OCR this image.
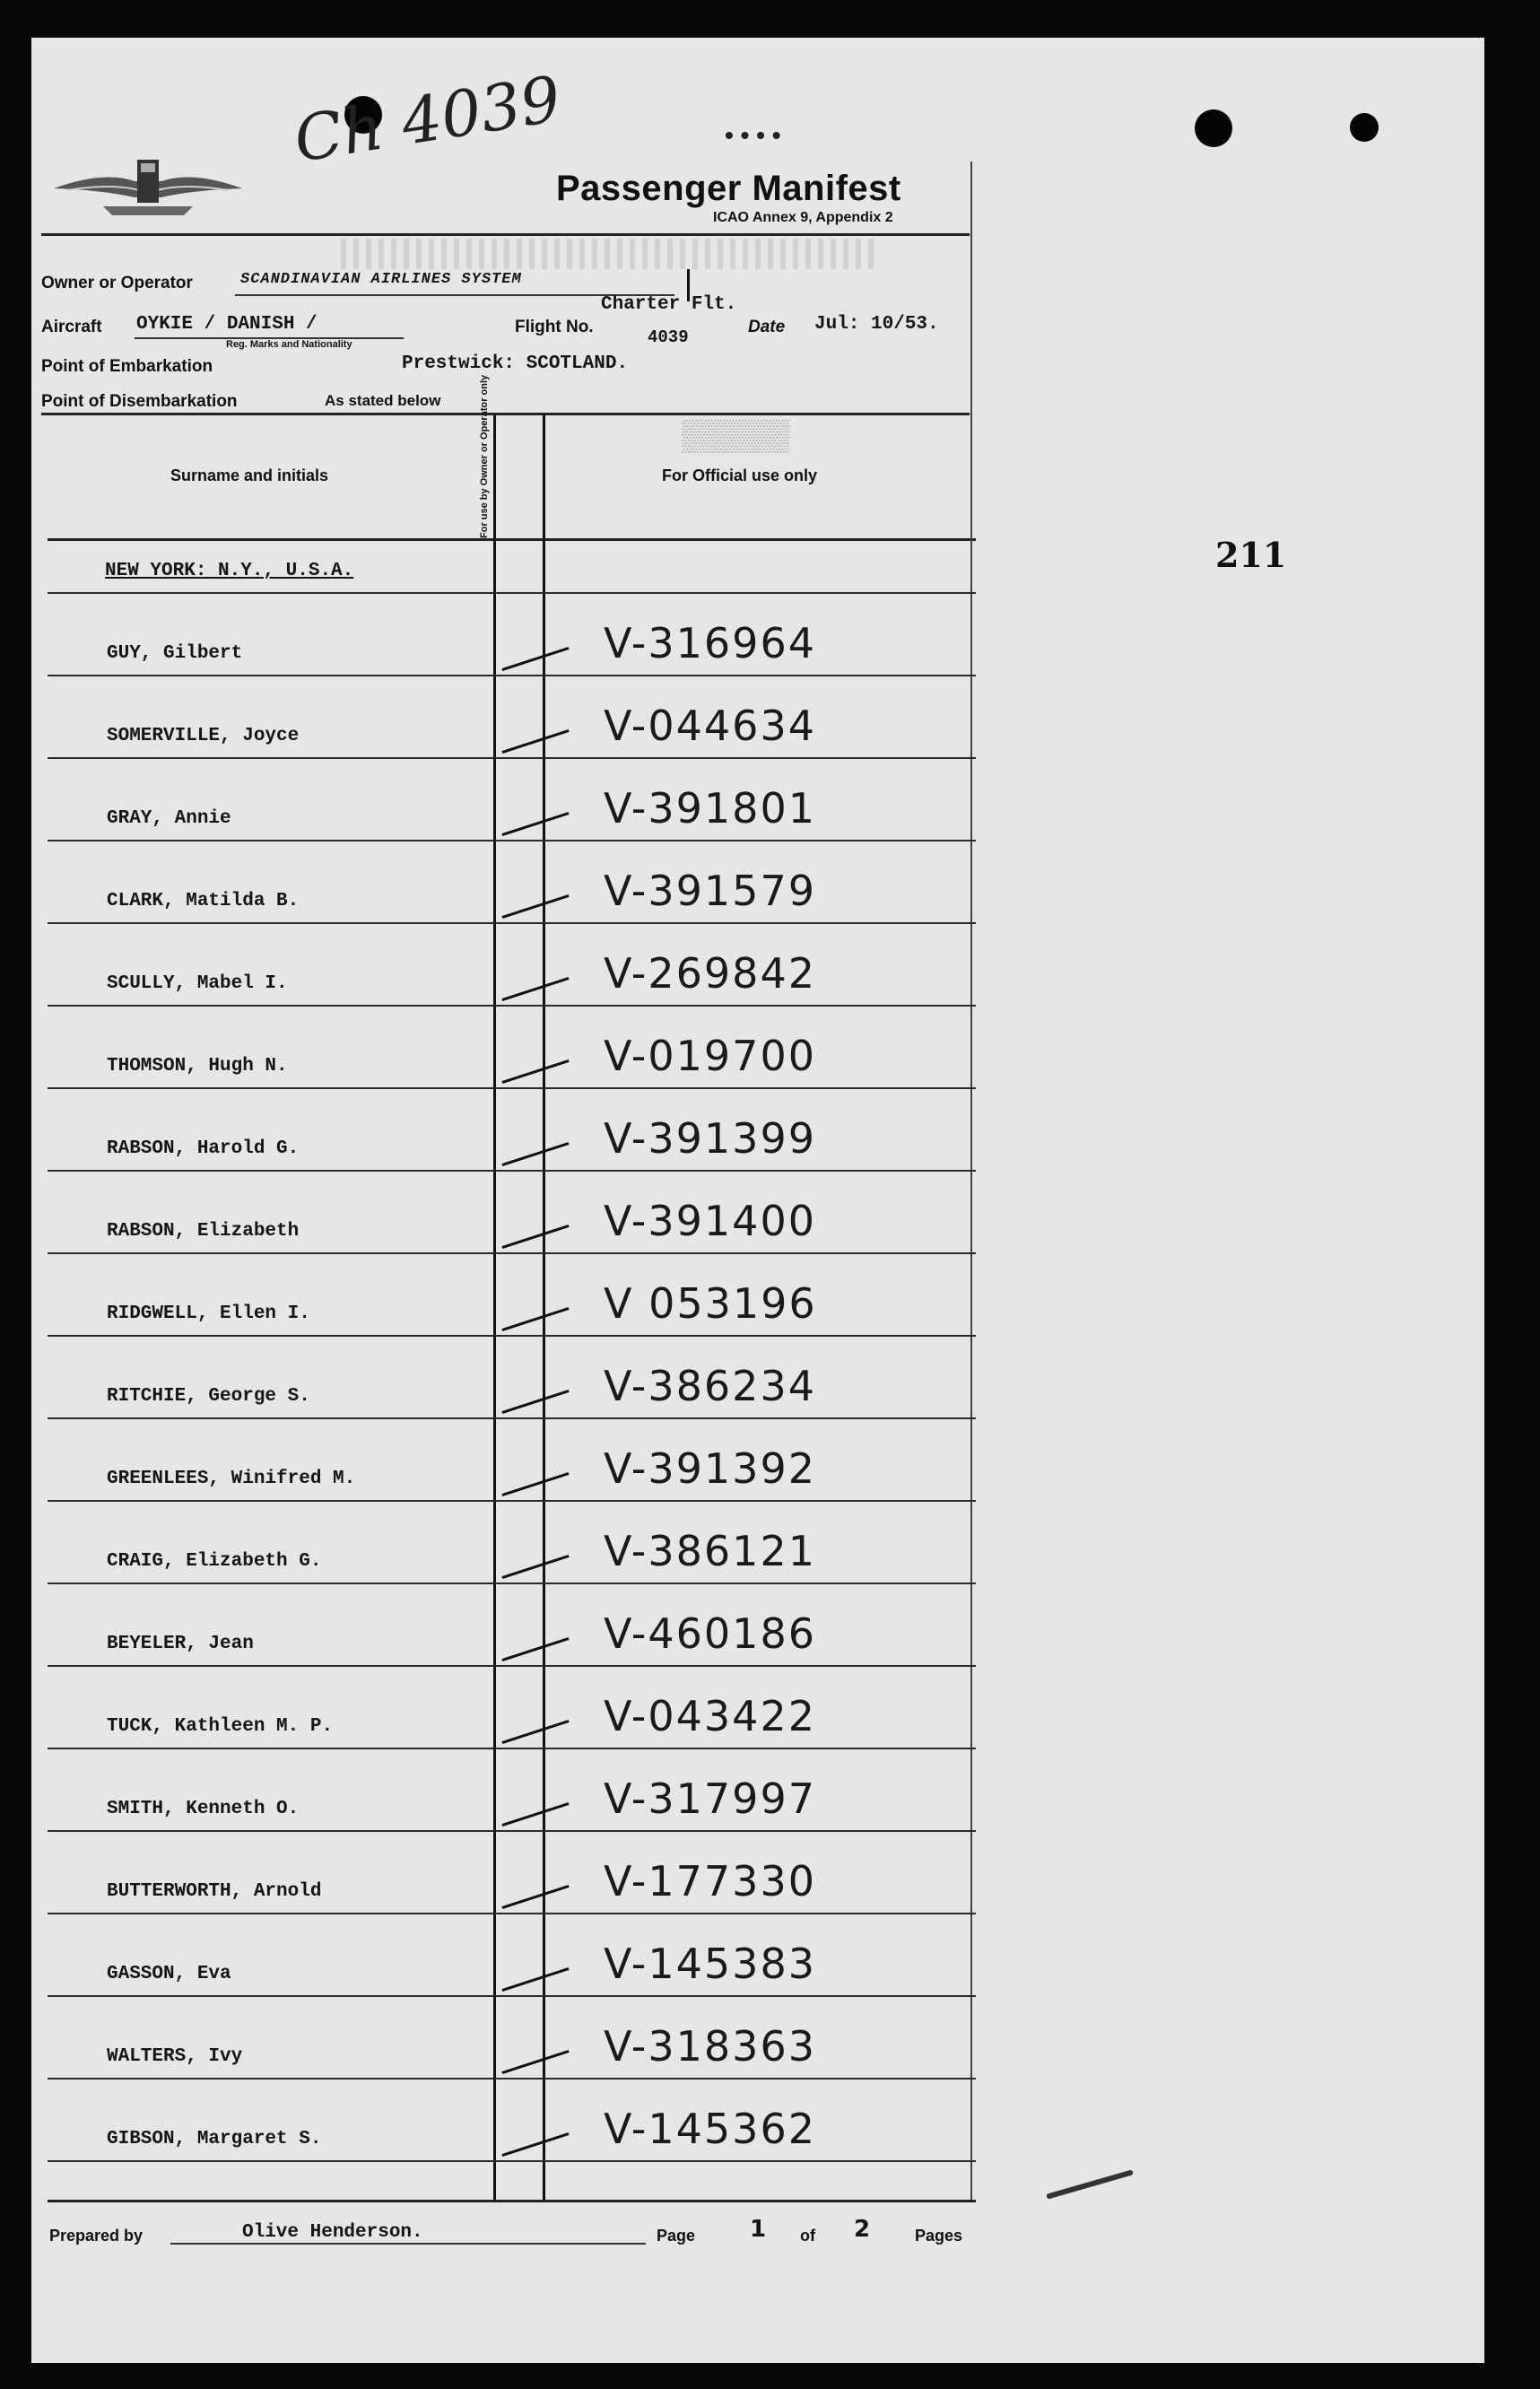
Ch 4039	• • • •
Passenger Manifest
ICAO Annex 9, Appendix 2
Owner or Operator	SCANDINAVIAN AIRLINES SYSTEM
Aircraft OYKIE / DANISH /
Reg. Marks and Nationality
Flight No.
Charter Flt.
4039
Date Jul: 10/53.
Point of Embarkation	Prestwick: SCOTLAND.
Point of Disembarkation	As stated below
Surname and initials	For use by Owner or Operator only	For Official use only
▒▒▒▒▒
211
NEW YORK: N.Y., U.S.A.
GUY, Gilbert	V-316964
SOMERVILLE, Joyce	V-044634
GRAY, Annie	V-391801
CLARK, Matilda B.	V-391579
SCULLY, Mabel I.	V-269842
THOMSON, Hugh N.	V-019700
RABSON, Harold G.	V-391399
RABSON, Elizabeth	V-391400
RIDGWELL, Ellen I.	V 053196
RITCHIE, George S.	V-386234
GREENLEES, Winifred M.	V-391392
CRAIG, Elizabeth G.	V-386121
BEYELER, Jean	V-460186
TUCK, Kathleen M. P.	V-043422
SMITH, Kenneth O.	V-317997
BUTTERWORTH, Arnold	V-177330
GASSON, Eva	V-145383
WALTERS, Ivy	V-318363
GIBSON, Margaret S.	V-145362
Prepared by	Olive Henderson.	Page 1 of 2	Pages
